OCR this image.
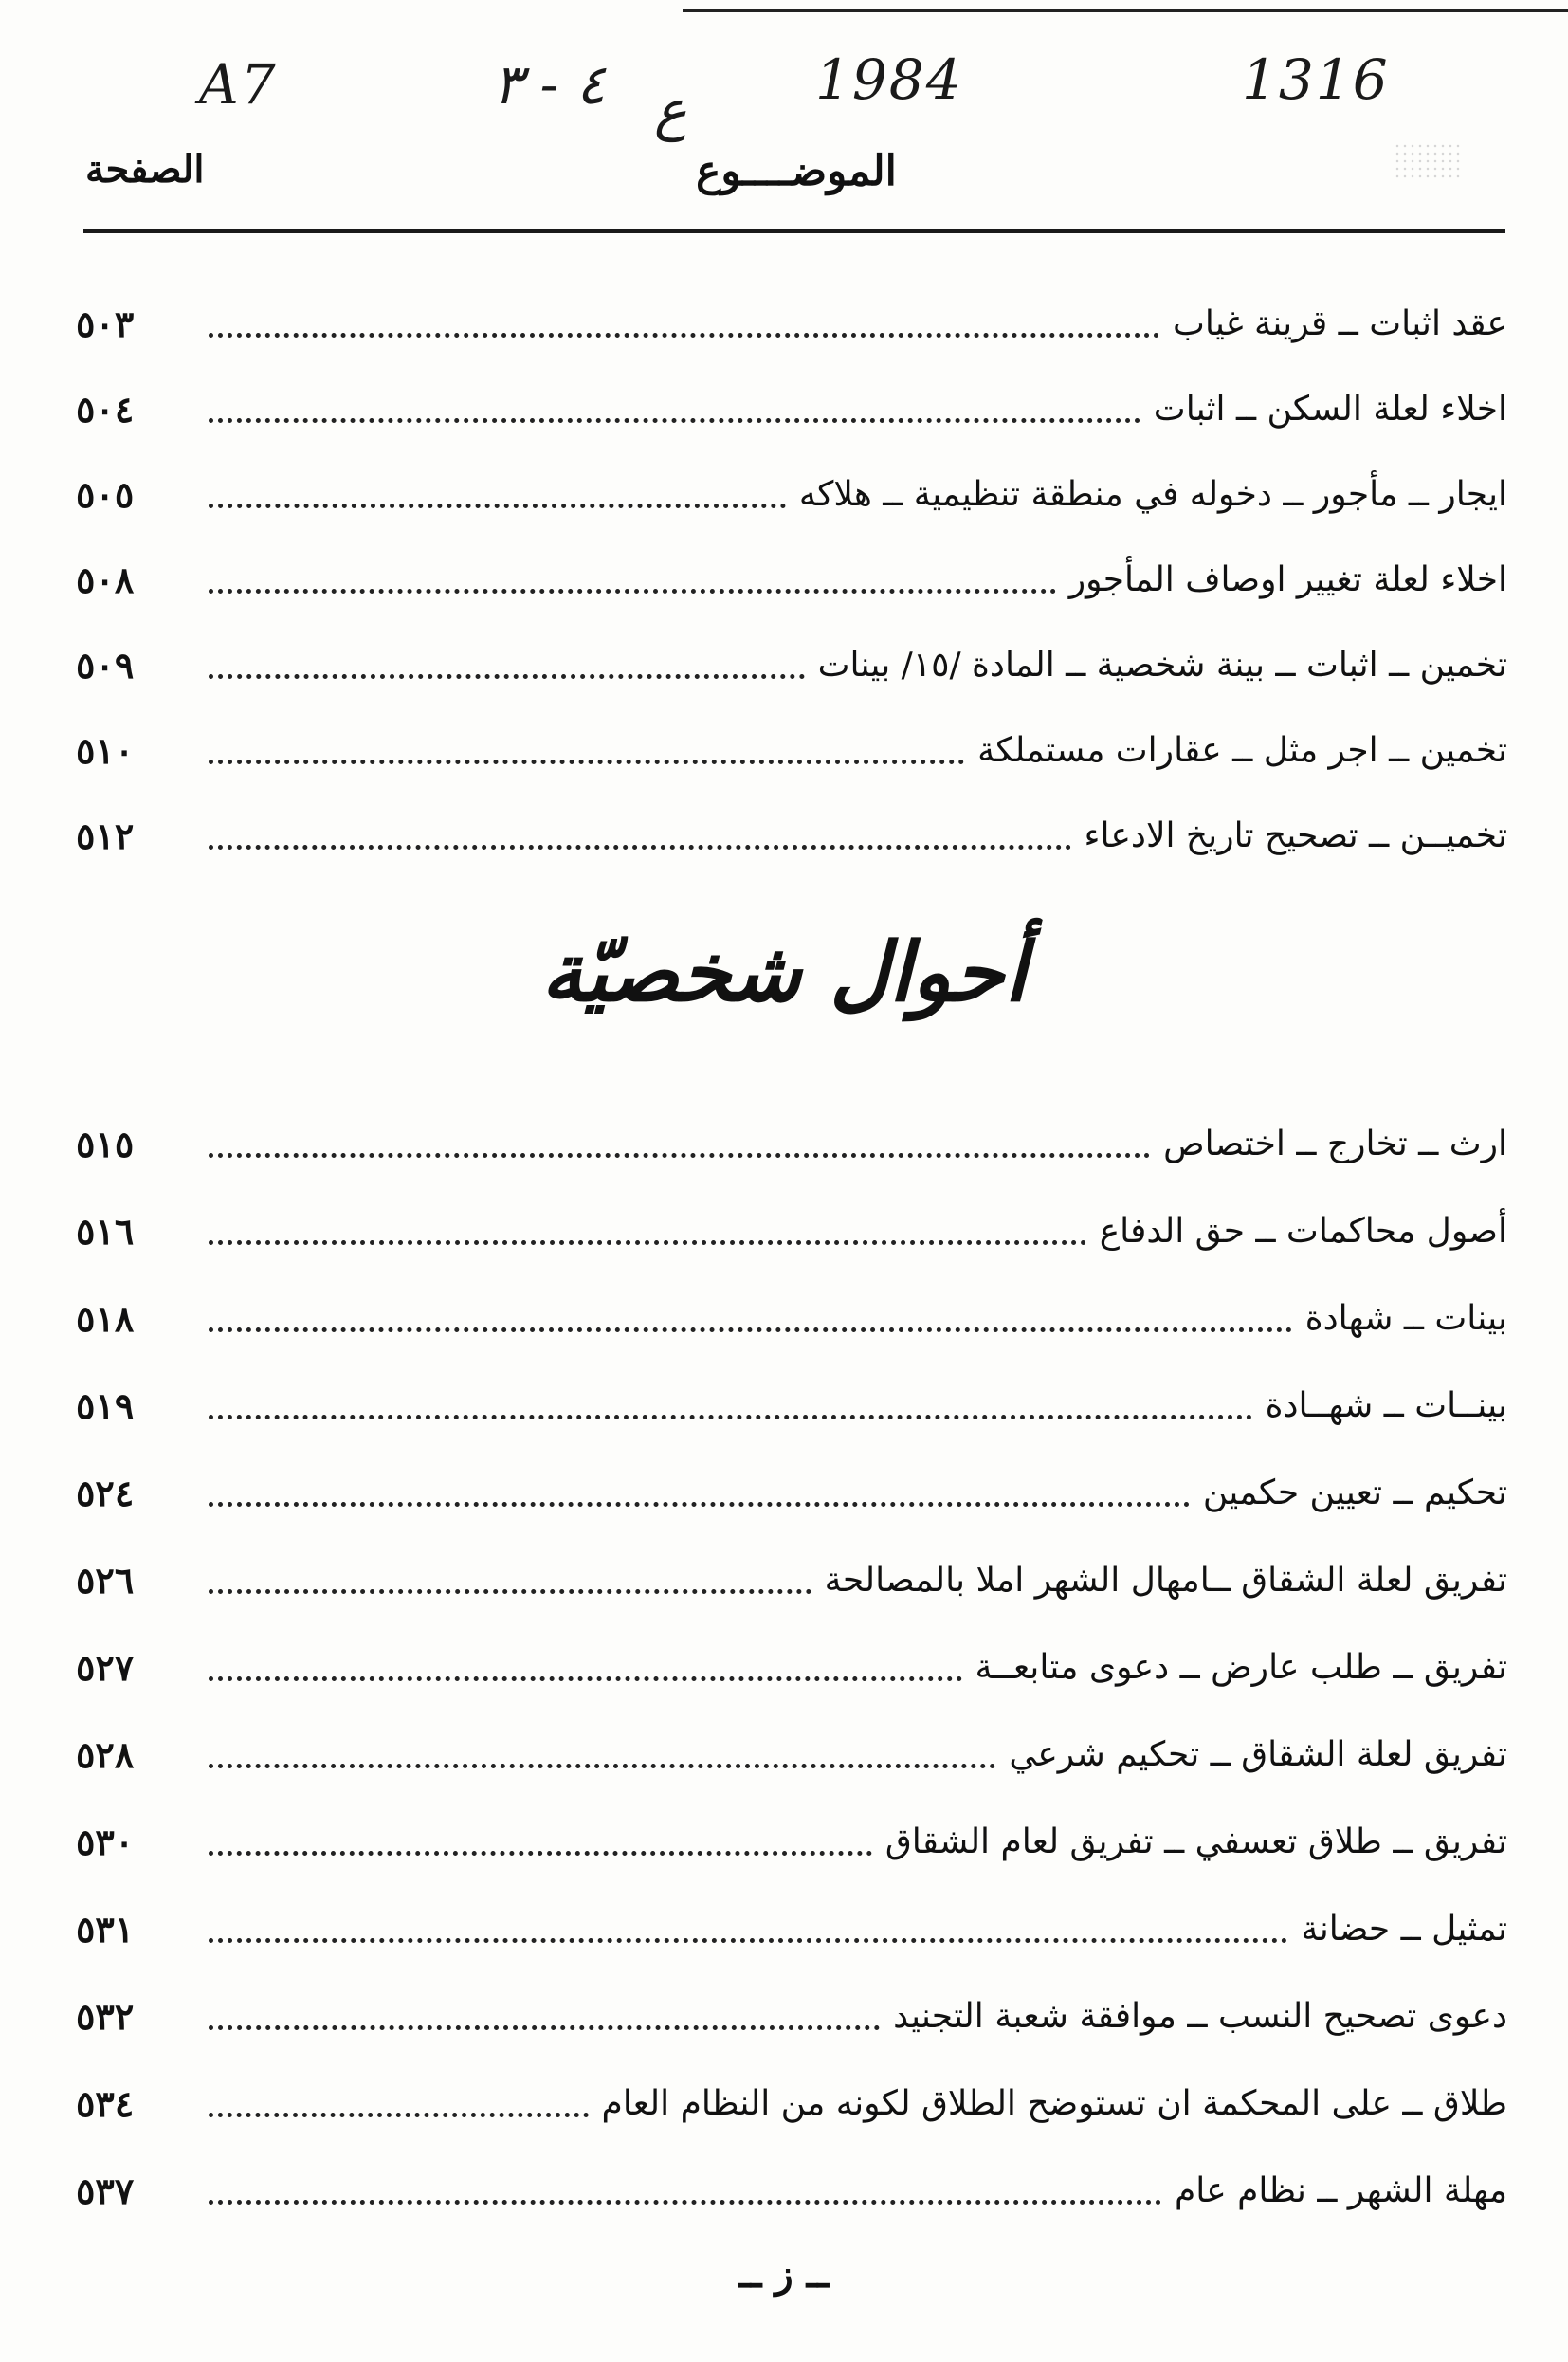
A7	٤ - ٣ ع 1984	1316
الموضــــوع
الصفحة
عقد اثبات ــ قرينة غياب
٥٠٣
اخلاء لعلة السكن ــ اثبات
٥٠٤
ايجار ــ مأجور ــ دخوله في منطقة تنظيمية ــ هلاكه
٥٠٥
اخلاء لعلة تغيير اوصاف المأجور
٥٠٨
تخمين ــ اثبات ــ بينة شخصية ــ المادة /١٥/ بينات
٥٠٩
تخمين ــ اجر مثل ــ عقارات مستملكة
٥١٠
تخميــن ــ تصحيح تاريخ الادعاء
٥١٢
أحوال شخصيّة
ارث ــ تخارج ــ اختصاص
٥١٥
أصول محاكمات ــ حق الدفاع
٥١٦
بينات ــ شهادة
٥١٨
بينــات ــ شهــادة
٥١٩
تحكيم ــ تعيين حكمين
٥٢٤
تفريق لعلة الشقاق ــامهال الشهر املا بالمصالحة
٥٢٦
تفريق ــ طلب عارض ــ دعوى متابعــة
٥٢٧
تفريق لعلة الشقاق ــ تحكيم شرعي
٥٢٨
تفريق ــ طلاق تعسفي ــ تفريق لعام الشقاق
٥٣٠
تمثيل ــ حضانة
٥٣١
دعوى تصحيح النسب ــ موافقة شعبة التجنيد
٥٣٢
طلاق ــ على المحكمة ان تستوضح الطلاق لكونه من النظام العام
٥٣٤
مهلة الشهر ــ نظام عام
٥٣٧
ــ ز ــ
